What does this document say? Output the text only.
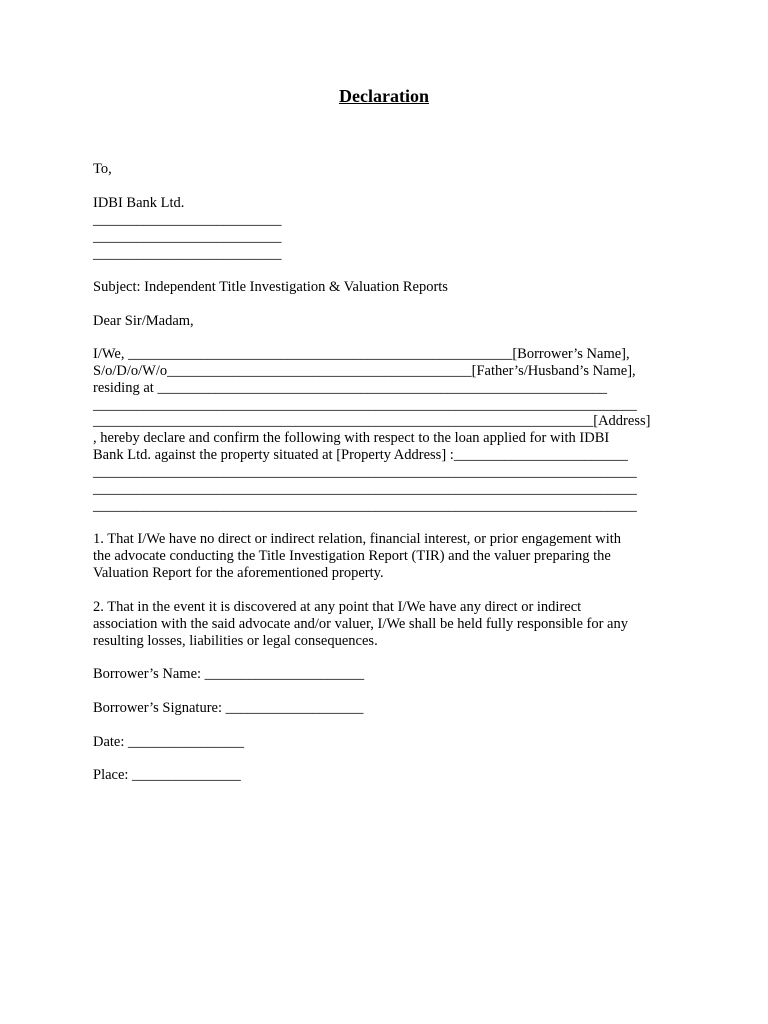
Declaration
To,
IDBI Bank Ltd.
__________________________
__________________________
__________________________
Subject: Independent Title Investigation & Valuation Reports
Dear Sir/Madam,
I/We,
_____________________________________________________ [Borrower’s Name],
S/o/D/o/W/o __________________________________________ [Father’s/Husband’s Name],
residing at ______________________________________________________________
___________________________________________________________________________
_____________________________________________________________________[Address]
, hereby declare and confirm the following with respect to the loan applied for with IDBI
Bank Ltd. against the property situated at [Property Address] :________________________
___________________________________________________________________________
___________________________________________________________________________
___________________________________________________________________________
1. That I/We have no direct or indirect relation, financial interest, or prior engagement with
the advocate conducting the Title Investigation Report (TIR) and the valuer preparing the
Valuation Report for the aforementioned property.
2. That in the event it is discovered at any point that I/We have any direct or indirect
association with the said advocate and/or valuer, I/We shall be held fully responsible for any
resulting losses, liabilities or legal consequences.
Borrower’s Name: ______________________
Borrower’s Signature: ___________________
Date: ________________
Place: _______________
